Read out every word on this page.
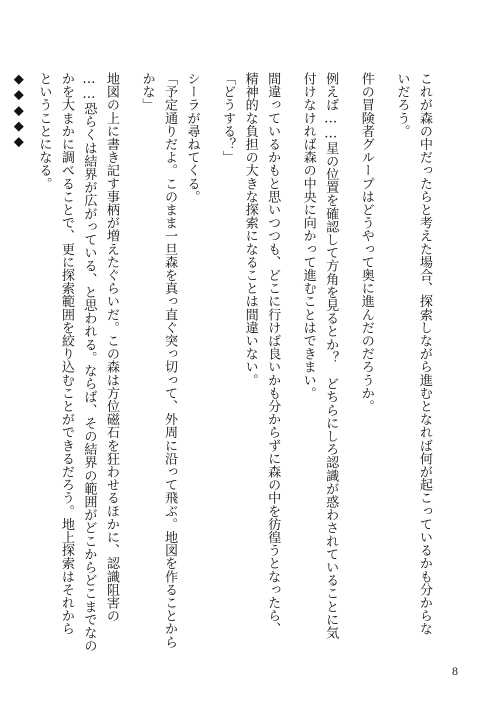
これが森の中だったらと考えた場合、探索しながら進むとなれば何が起こっているかも分からな
いだろう。
件の冒険者グループはどうやって奥に進んだのだろうか。
例えば……星の位置を確認して方角を見るとか？　どちらにしろ認識が惑わされていることに気
付けなければ森の中央に向かって進むことはできまい。
間違っているかもと思いつつも、どこに行けば良いかも分からずに森の中を彷徨うとなったら、
精神的な負担の大きな探索になることは間違いない。
「どうする？」
シーラが尋ねてくる。
「予定通りだよ。このまま一旦森を真っ直ぐ突っ切って、外周に沿って飛ぶ。地図を作ることから
かな」
地図の上に書き記す事柄が増えたぐらいだ。この森は方位磁石を狂わせるほかに、認識阻害の
……恐らくは結界が広がっている、と思われる。ならば、その結界の範囲がどこからどこまでなの
かを大まかに調べることで、更に探索範囲を絞り込むことができるだろう。地上探索はそれから
ということになる。
◆◆◆◆◆
8
